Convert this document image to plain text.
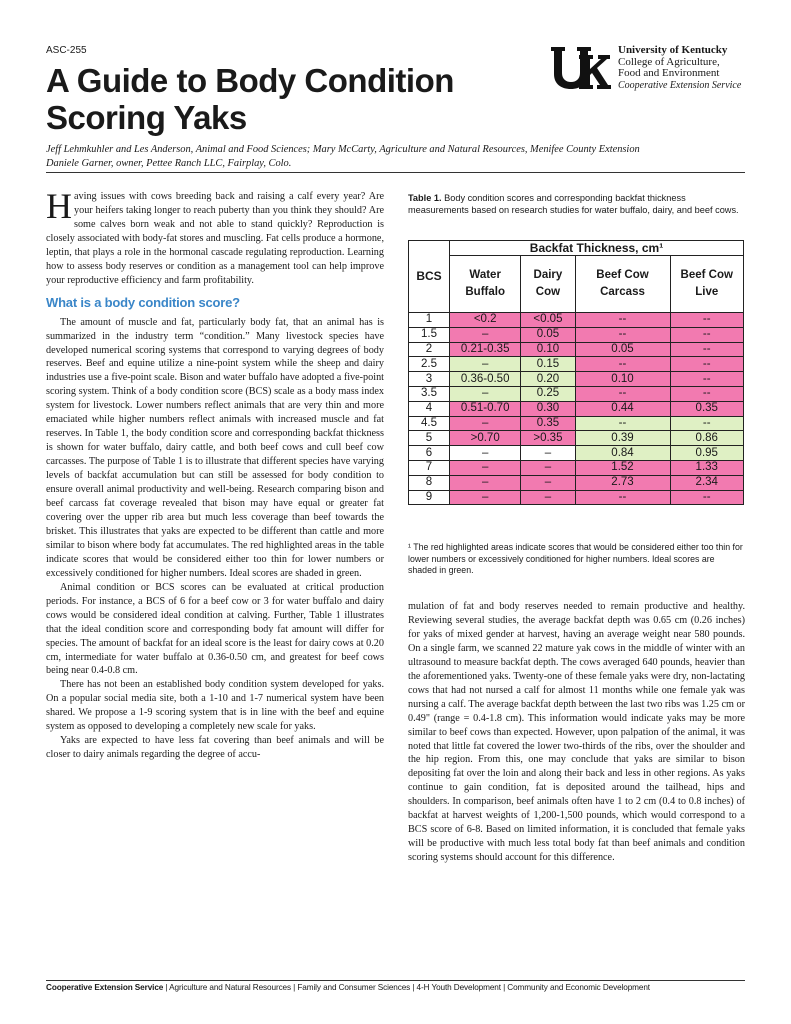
ASC-255
A Guide to Body Condition Scoring Yaks
University of Kentucky
College of Agriculture,
Food and Environment
Cooperative Extension Service
Jeff Lehmkuhler and Les Anderson, Animal and Food Sciences; Mary McCarty, Agriculture and Natural Resources, Menifee County Extension
Daniele Garner, owner, Pettee Ranch LLC, Fairplay, Colo.

Having issues with cows breeding back and raising a calf every year? Are your heifers taking longer to reach puberty than you think they should? Are some calves born weak and not able to stand quickly? Reproduction is closely associated with body-fat stores and muscling. Fat cells produce a hormone, leptin, that plays a role in the hormonal cascade regulating reproduction. Learning how to assess body reserves or condition as a management tool can help improve your reproductive efficiency and farm profitability.

What is a body condition score?

The amount of muscle and fat, particularly body fat, that an animal has is summarized in the industry term “condition.” Many livestock species have developed numerical scoring systems that correspond to varying degrees of body reserves. Beef and equine utilize a nine-point system while the sheep and dairy industries use a five-point scale. Bison and water buffalo have adopted a five-point scoring system. Think of a body condition score (BCS) scale as a body mass index system for livestock. Lower numbers reflect animals that are very thin and more emaciated while higher numbers reflect animals with increased muscle and fat reserves. In Table 1, the body condition score and corresponding backfat thickness is shown for water buffalo, dairy cattle, and both beef cows and cull beef cow carcasses. The purpose of Table 1 is to illustrate that different species have varying levels of backfat accumulation but can still be assessed for body condition to ensure overall animal productivity and well-being. Research comparing bison and beef carcass fat coverage revealed that bison may have equal or greater fat covering over the upper rib area but much less coverage than beef towards the brisket. This illustrates that yaks are expected to be different than cattle and more similar to bison where body fat accumulates. The red highlighted areas in the table indicate scores that would be considered either too thin for lower numbers or excessively conditioned for higher numbers. Ideal scores are shaded in green.

Animal condition or BCS scores can be evaluated at critical production periods. For instance, a BCS of 6 for a beef cow or 3 for water buffalo and dairy cows would be considered ideal condition at calving. Further, Table 1 illustrates that the ideal condition score and corresponding body fat amount will differ for species. The amount of backfat for an ideal score is the least for dairy cows at 0.20 cm, intermediate for water buffalo at 0.36-0.50 cm, and greatest for beef cows being near 0.4-0.8 cm.

There has not been an established body condition system developed for yaks. On a popular social media site, both a 1-10 and 1-7 numerical system have been shared. We propose a 1-9 scoring system that is in line with the beef and equine system as opposed to developing a completely new scale for yaks.

Yaks are expected to have less fat covering than beef animals and will be closer to dairy animals regarding the degree of accu-

Table 1. Body condition scores and corresponding backfat thickness measurements based on research studies for water buffalo, dairy, and beef cows.
BCS	Backfat Thickness, cm¹			
	Water Buffalo	Dairy Cow	Beef Cow Carcass	Beef Cow Live
1	<0.2	<0.05	--	--
1.5	–	0.05	--	--
2	0.21-0.35	0.10	0.05	--
2.5	–	0.15	--	--
3	0.36-0.50	0.20	0.10	--
3.5	–	0.25	--	--
4	0.51-0.70	0.30	0.44	0.35
4.5	–	0.35	--	--
5	>0.70	>0.35	0.39	0.86
6	–	–	0.84	0.95
7	–	–	1.52	1.33
8	–	–	2.73	2.34
9	–	–	--	--
¹ The red highlighted areas indicate scores that would be considered either too thin for lower numbers or excessively conditioned for higher numbers. Ideal scores are shaded in green.

mulation of fat and body reserves needed to remain productive and healthy. Reviewing several studies, the average backfat depth was 0.65 cm (0.26 inches) for yaks of mixed gender at harvest, having an average weight near 580 pounds. On a single farm, we scanned 22 mature yak cows in the middle of winter with an ultrasound to measure backfat depth. The cows averaged 640 pounds, heavier than the aforementioned yaks. Twenty-one of these female yaks were dry, non-lactating cows that had not nursed a calf for almost 11 months while one female yak was nursing a calf. The average backfat depth between the last two ribs was 1.25 cm or 0.49" (range = 0.4-1.8 cm). This information would indicate yaks may be more similar to beef cows than expected. However, upon palpation of the animal, it was noted that little fat covered the lower two-thirds of the ribs, over the shoulder and the hip region. From this, one may conclude that yaks are similar to bison depositing fat over the loin and along their back and less in other regions. As yaks continue to gain condition, fat is deposited around the tailhead, hips and shoulders. In comparison, beef animals often have 1 to 2 cm (0.4 to 0.8 inches) of backfat at harvest weights of 1,200-1,500 pounds, which would correspond to a BCS score of 6-8. Based on limited information, it is concluded that female yaks will be productive with much less total body fat than beef animals and condition scoring systems should account for this difference.

Cooperative Extension Service | Agriculture and Natural Resources | Family and Consumer Sciences | 4-H Youth Development | Community and Economic Development
